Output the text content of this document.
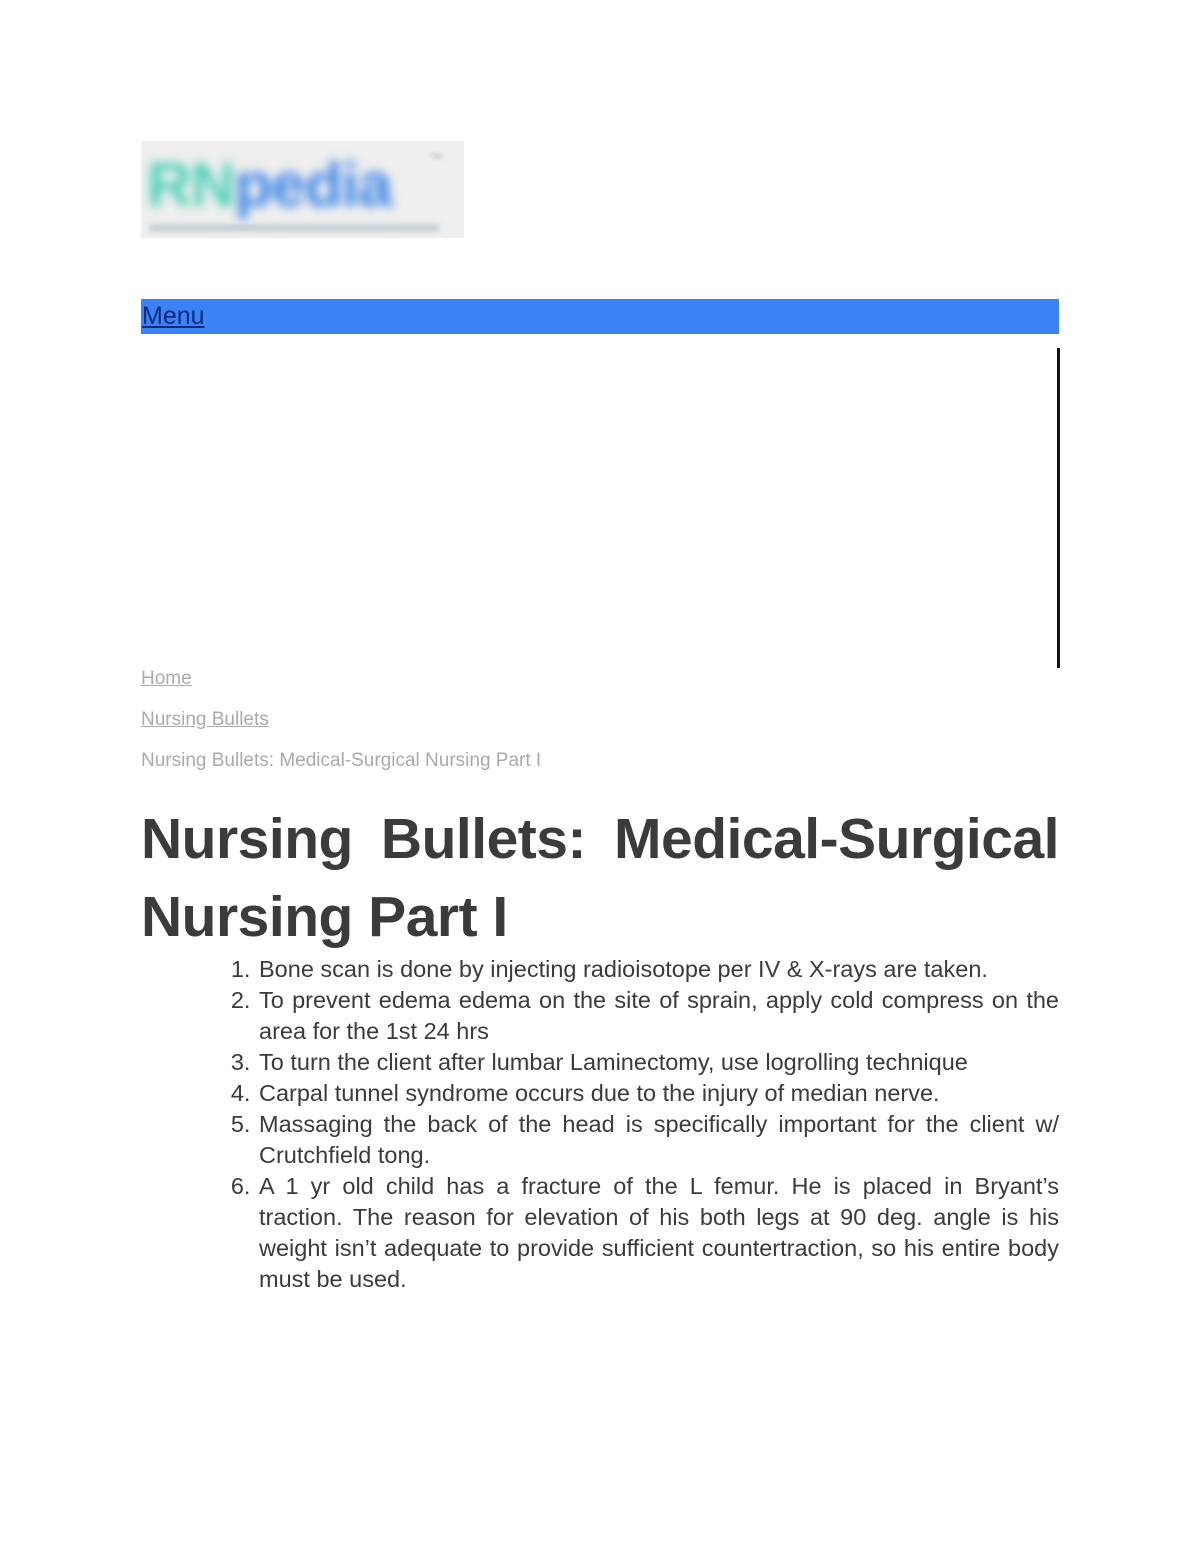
RNpedia	™
Menu
Home
Nursing Bullets
Nursing Bullets: Medical-Surgical Nursing Part I
Nursing Bullets: Medical-Surgical Nursing Part I
1. Bone scan is done by injecting radioisotope per IV & X-rays are taken.
2. To prevent edema edema on the site of sprain, apply cold compress on the area for the 1st 24 hrs
3. To turn the client after lumbar Laminectomy, use logrolling technique
4. Carpal tunnel syndrome occurs due to the injury of median nerve.
5. Massaging the back of the head is specifically important for the client w/ Crutchfield tong.
6. A 1 yr old child has a fracture of the L femur. He is placed in Bryant’s traction. The reason for elevation of his both legs at 90 deg. angle is his weight isn’t adequate to provide sufficient countertraction, so his entire body must be used.
